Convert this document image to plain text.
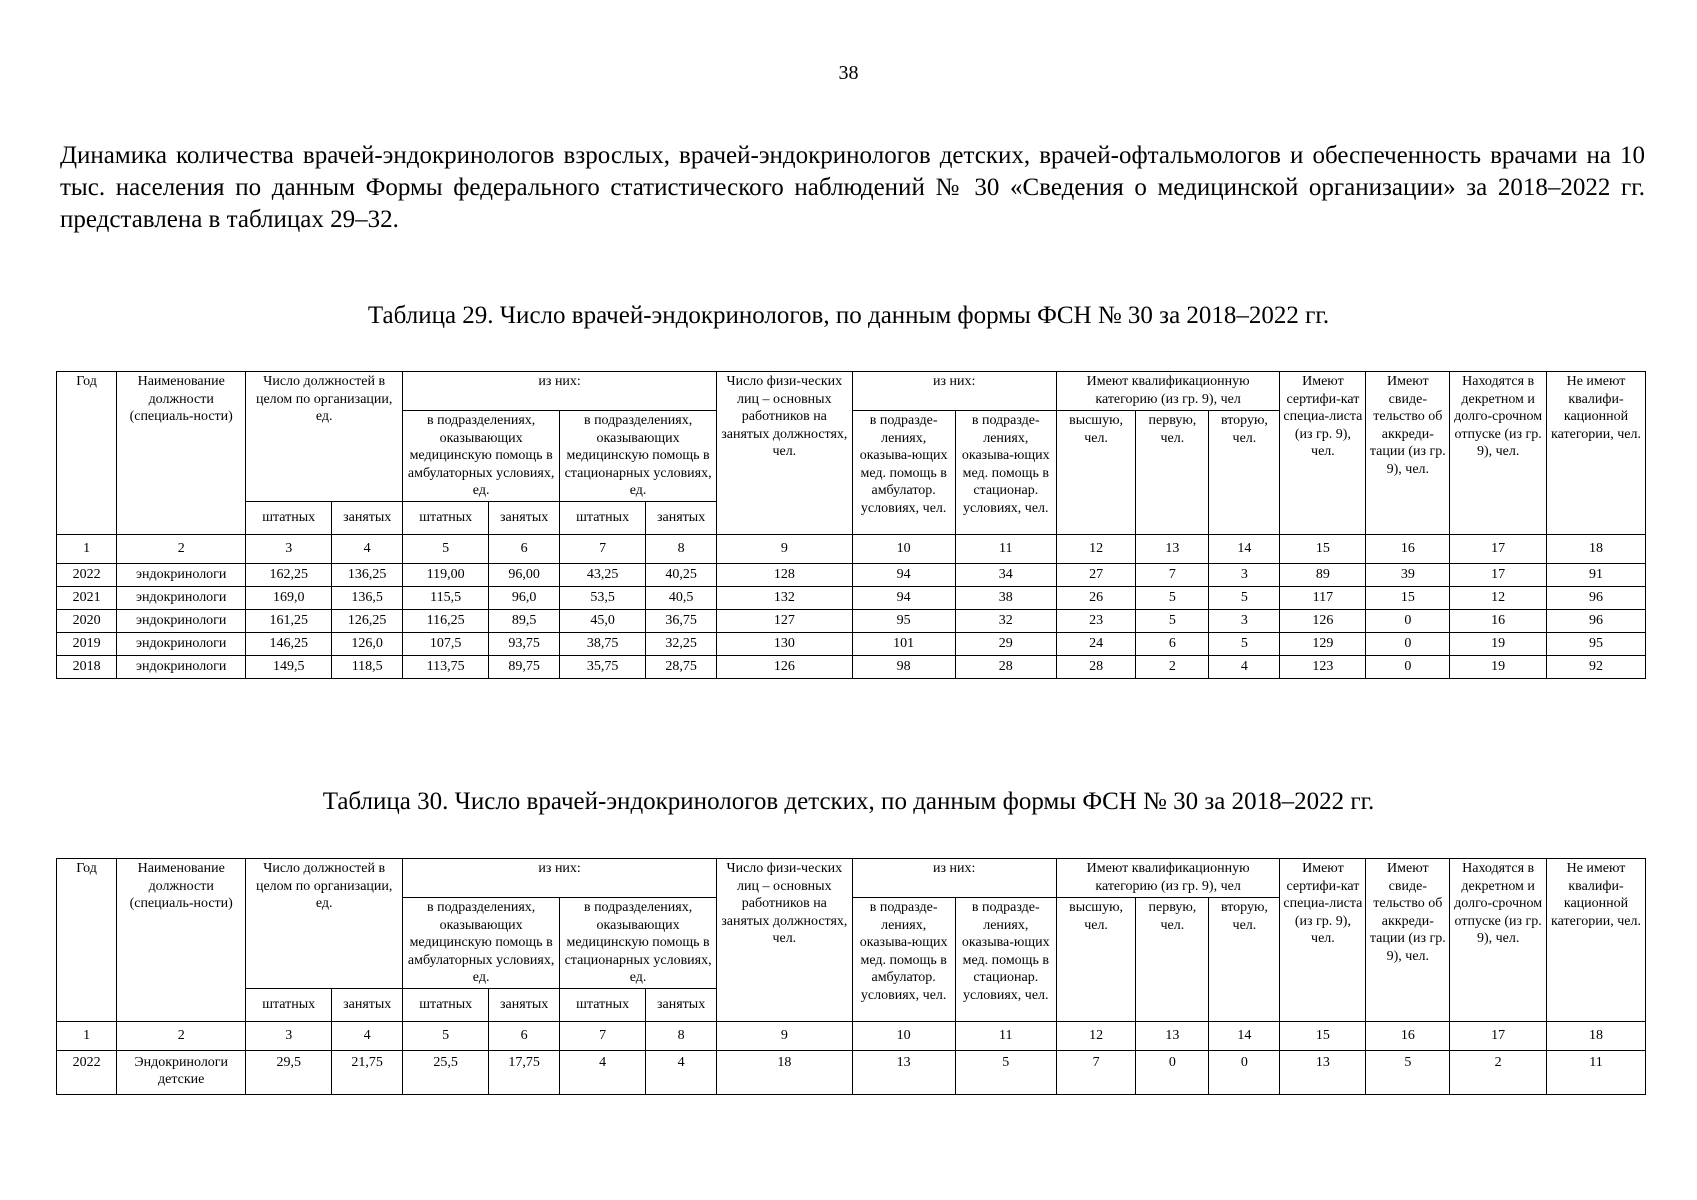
38

Динамика количества врачей-эндокринологов взрослых, врачей-эндокринологов детских, врачей-офтальмологов и обеспеченность врачами на 10 тыс. населения по данным Формы федерального статистического наблюдений № 30 «Сведения о медицинской организации» за 2018–2022 гг. представлена в таблицах 29–32.

Таблица 29. Число врачей-эндокринологов, по данным формы ФСН № 30 за 2018–2022 гг.
Год	Наименование должности (специаль-ности)	Число должностей в целом по организации, ед.		из них:				Число физи-ческих лиц – основных работников на занятых должностях, чел.	из них:		Имеют квалификационную категорию (из гр. 9), чел			Имеют сертифи-кат специа-листа (из гр. 9), чел.	Имеют свиде-тельство об аккреди-тации (из гр. 9), чел.	Находятся в декретном и долго-срочном отпуске (из гр. 9), чел.	Не имеют квалифи-кационной категории, чел.
				в подразделениях, оказывающих медицинскую помощь в амбулаторных условиях, ед.		в подразделениях, оказывающих медицинскую помощь в стационарных условиях, ед.			в подразде-лениях, оказыва-ющих мед. помощь в амбулатор. условиях, чел.	в подразде-лениях, оказыва-ющих мед. помощь в стационар. условиях, чел.	высшую, чел.	первую, чел.	вторую, чел.				
		штатных	занятых	штатных	занятых	штатных	занятых										
1	2	3	4	5	6	7	8	9	10	11	12	13	14	15	16	17	18
2022	эндокринологи	162,25	136,25	119,00	96,00	43,25	40,25	128	94	34	27	7	3	89	39	17	91
2021	эндокринологи	169,0	136,5	115,5	96,0	53,5	40,5	132	94	38	26	5	5	117	15	12	96
2020	эндокринологи	161,25	126,25	116,25	89,5	45,0	36,75	127	95	32	23	5	3	126	0	16	96
2019	эндокринологи	146,25	126,0	107,5	93,75	38,75	32,25	130	101	29	24	6	5	129	0	19	95
2018	эндокринологи	149,5	118,5	113,75	89,75	35,75	28,75	126	98	28	28	2	4	123	0	19	92
Таблица 30. Число врачей-эндокринологов детских, по данным формы ФСН № 30 за 2018–2022 гг.
Год	Наименование должности (специаль-ности)	Число должностей в целом по организации, ед.		из них:				Число физи-ческих лиц – основных работников на занятых должностях, чел.	из них:		Имеют квалификационную категорию (из гр. 9), чел			Имеют сертифи-кат специа-листа (из гр. 9), чел.	Имеют свиде-тельство об аккреди-тации (из гр. 9), чел.	Находятся в декретном и долго-срочном отпуске (из гр. 9), чел.	Не имеют квалифи-кационной категории, чел.
				в подразделениях, оказывающих медицинскую помощь в амбулаторных условиях, ед.		в подразделениях, оказывающих медицинскую помощь в стационарных условиях, ед.			в подразде-лениях, оказыва-ющих мед. помощь в амбулатор. условиях, чел.	в подразде-лениях, оказыва-ющих мед. помощь в стационар. условиях, чел.	высшую, чел.	первую, чел.	вторую, чел.				
		штатных	занятых	штатных	занятых	штатных	занятых										
1	2	3	4	5	6	7	8	9	10	11	12	13	14	15	16	17	18
2022	Эндокринологи детские	29,5	21,75	25,5	17,75	4	4	18	13	5	7	0	0	13	5	2	11
